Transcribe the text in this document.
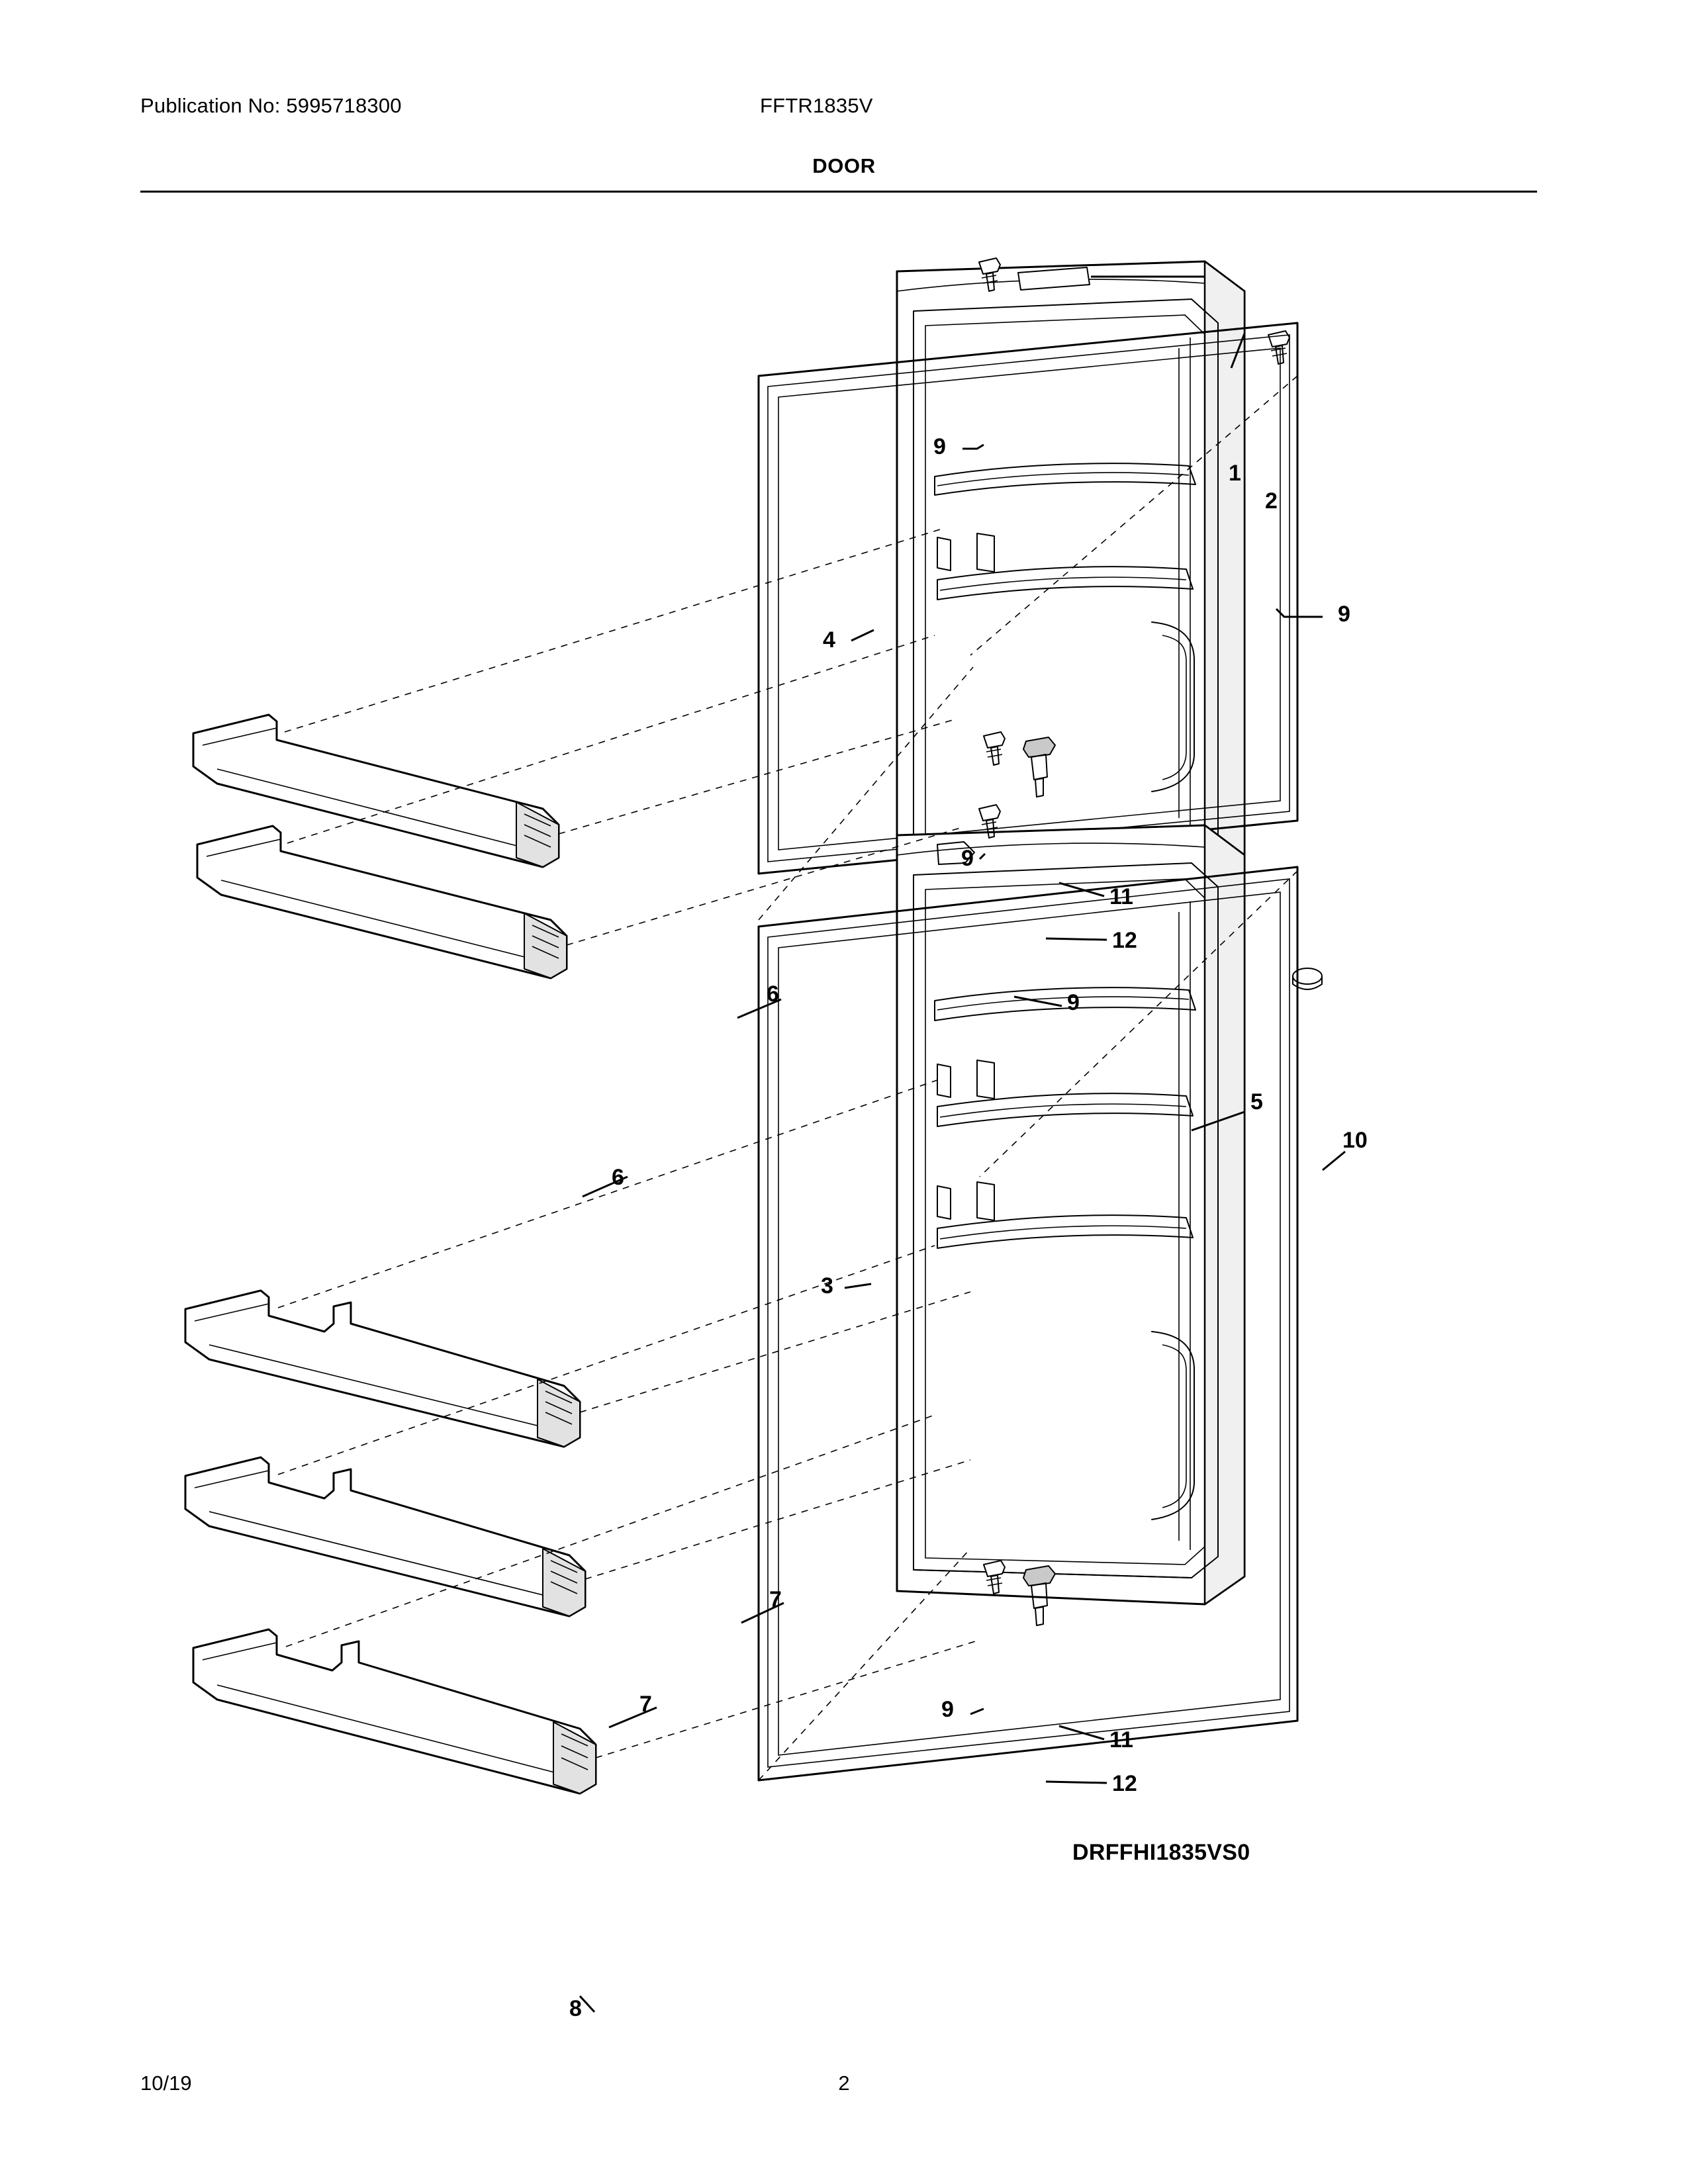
Publication No: 5995718300	FFTR1835V
DOOR
9
1
2
9
4
9
11
12
6	9
6
5
10
3
7
7	9
11
12
8
DRFFHI1835VS0
10/19	2
